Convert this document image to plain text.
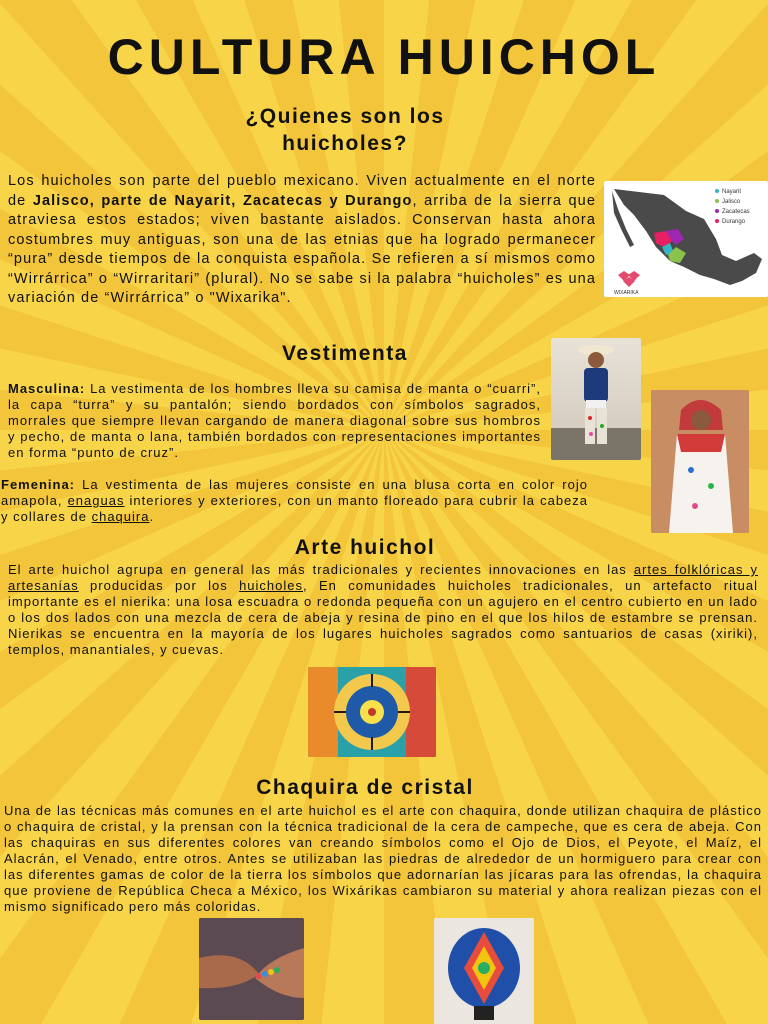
CULTURA HUICHOL
¿Quienes son los
huicholes?

Los huicholes son parte del pueblo mexicano. Viven actualmente en el norte de Jalisco, parte de Nayarit, Zacatecas y Durango, arriba de la sierra que atraviesa estos estados; viven bastante aislados. Conservan hasta ahora costumbres muy antiguas, son una de las etnias que ha logrado permanecer “pura” desde tiempos de la conquista española. Se refieren a sí mismos como “Wirrárrica” o “Wirraritari” (plural). No se sabe si la palabra “huicholes” es una variación de “Wirrárrica” o "Wixarika".	WIXARIKA
Nayarit
Jalisco
Zacatecas
Durango
Vestimenta

Masculina: La vestimenta de los hombres lleva su camisa de manta o “cuarri”, la capa “turra” y su pantalón; siendo bordados con símbolos sagrados, morrales que siempre llevan cargando de manera diagonal sobre sus hombros y pecho, de manta o lana, también bordados con representaciones importantes en forma “punto de cruz”.

Femenina: La vestimenta de las mujeres consiste en una blusa corta en color rojo amapola, enaguas interiores y exteriores, con un manto floreado para cubrir la cabeza y collares de chaquira.

Arte huichol

El arte huichol agrupa en general las más tradicionales y recientes innovaciones en las artes folklóricas y artesanías producidas por los huicholes, En comunidades huicholes tradicionales, un artefacto ritual importante es el nierika: una losa escuadra o redonda pequeña con un agujero en el centro cubierto en un lado o los dos lados con una mezcla de cera de abeja y resina de pino en el que los hilos de estambre se prensan. Nierikas se encuentra en la mayoría de los lugares huicholes sagrados como santuarios de casas (xiriki), templos, manantiales, y cuevas.

Chaquira de cristal

Una de las técnicas más comunes en el arte huichol es el arte con chaquira, donde utilizan chaquira de plástico o chaquira de cristal, y la prensan con la técnica tradicional de la cera de campeche, que es cera de abeja. Con las chaquiras en sus diferentes colores van creando símbolos como el Ojo de Dios, el Peyote, el Maíz, el Alacrán, el Venado, entre otros. Antes se utilizaban las piedras de alrededor de un hormiguero para crear con las diferentes gamas de color de la tierra los símbolos que adornarían las jícaras para las ofrendas, la chaquira que proviene de República Checa a México, los Wixárikas cambiaron su material y ahora realizan piezas con el mismo significado pero más coloridas.
